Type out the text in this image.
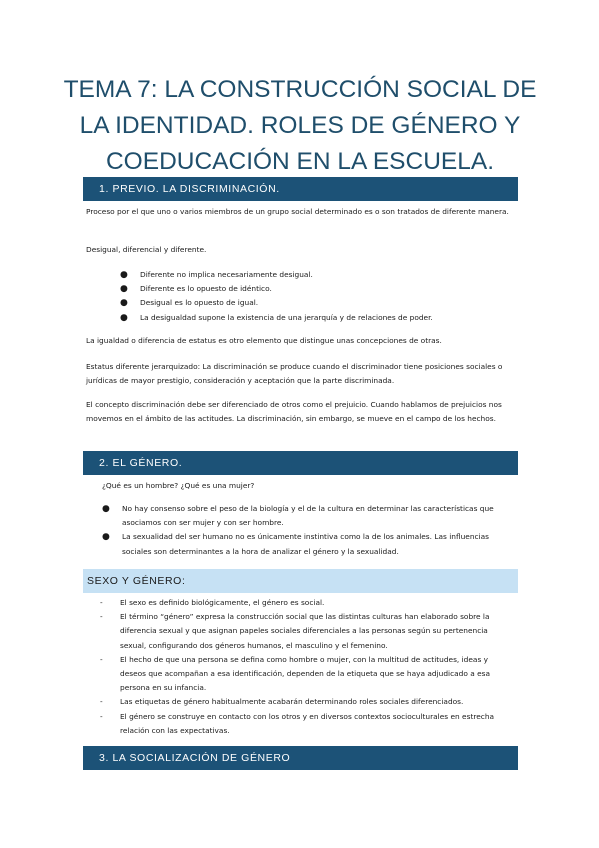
TEMA 7: LA CONSTRUCCIÓN SOCIAL DE LA IDENTIDAD. ROLES DE GÉNERO Y COEDUCACIÓN EN LA ESCUELA.
1. PREVIO. LA DISCRIMINACIÓN.

Proceso por el que uno o varios miembros de un grupo social determinado es o son tratados de diferente manera.

Desigual, diferencial y diferente.

● Diferente no implica necesariamente desigual.
● Diferente es lo opuesto de idéntico.
● Desigual es lo opuesto de igual.
● La desigualdad supone la existencia de una jerarquía y de relaciones de poder.

La igualdad o diferencia de estatus es otro elemento que distingue unas concepciones de otras.

Estatus diferente jerarquizado: La discriminación se produce cuando el discriminador tiene posiciones sociales o jurídicas de mayor prestigio, consideración y aceptación que la parte discriminada.

El concepto discriminación debe ser diferenciado de otros como el prejuicio. Cuando hablamos de prejuicios nos movemos en el ámbito de las actitudes. La discriminación, sin embargo, se mueve en el campo de los hechos.

2. EL GÉNERO.

¿Qué es un hombre? ¿Qué es una mujer?

● No hay consenso sobre el peso de la biología y el de la cultura en determinar las características que asociamos con ser mujer y con ser hombre.
● La sexualidad del ser humano no es únicamente instintiva como la de los animales. Las influencias sociales son determinantes a la hora de analizar el género y la sexualidad.
SEXO Y GÉNERO:
- El sexo es definido biológicamente, el género es social.
- El término “género” expresa la construcción social que las distintas culturas han elaborado sobre la diferencia sexual y que asignan papeles sociales diferenciales a las personas según su pertenencia sexual, configurando dos géneros humanos, el masculino y el femenino.
- El hecho de que una persona se defina como hombre o mujer, con la multitud de actitudes, ideas y deseos que acompañan a esa identificación, dependen de la etiqueta que se haya adjudicado a esa persona en su infancia.
- Las etiquetas de género habitualmente acabarán determinando roles sociales diferenciados.
- El género se construye en contacto con los otros y en diversos contextos socioculturales en estrecha relación con las expectativas.
3. LA SOCIALIZACIÓN DE GÉNERO
